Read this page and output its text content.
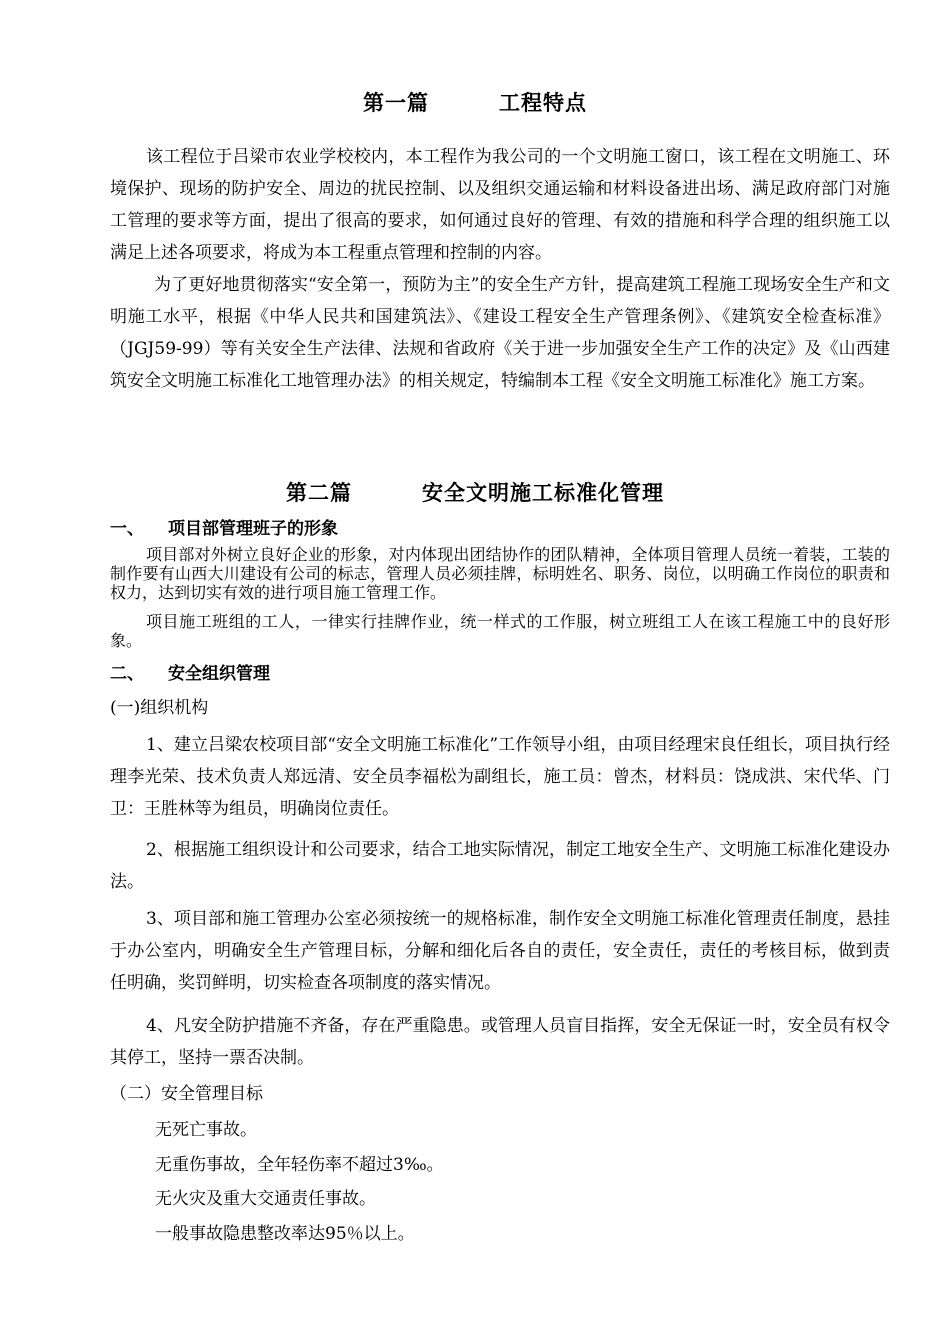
第一篇	工程特点
该工程位于吕梁市农业学校校内，本工程作为我公司的一个文明施工窗口，该工程在文明施工、环境保护、现场的防护安全、周边的扰民控制、以及组织交通运输和材料设备进出场、满足政府部门对施工管理的要求等方面，提出了很高的要求，如何通过良好的管理、有效的措施和科学合理的组织施工以满足上述各项要求，将成为本工程重点管理和控制的内容。
为了更好地贯彻落实“安全第一，预防为主”的安全生产方针，提高建筑工程施工现场安全生产和文明施工水平，根据《中华人民共和国建筑法》、《建设工程安全生产管理条例》、《建筑安全检查标准》（JGJ59-99）等有关安全生产法律、法规和省政府《关于进一步加强安全生产工作的决定》及《山西建筑安全文明施工标准化工地管理办法》的相关规定，特编制本工程《安全文明施工标准化》施工方案。
第二篇	安全文明施工标准化管理
一、 项目部管理班子的形象
项目部对外树立良好企业的形象，对内体现出团结协作的团队精神，全体项目管理人员统一着装，工装的制作要有山西大川建设有公司的标志，管理人员必须挂牌，标明姓名、职务、岗位，以明确工作岗位的职责和权力，达到切实有效的进行项目施工管理工作。
项目施工班组的工人，一律实行挂牌作业，统一样式的工作服，树立班组工人在该工程施工中的良好形象。
二、 安全组织管理
(一)组织机构
1、建立吕梁农校项目部“安全文明施工标准化”工作领导小组，由项目经理宋良任组长，项目执行经理李光荣、技术负责人郑远清、安全员李福松为副组长，施工员：曾杰，材料员：饶成洪、宋代华、门卫：王胜林等为组员，明确岗位责任。
2、根据施工组织设计和公司要求，结合工地实际情况，制定工地安全生产、文明施工标准化建设办法。
3、项目部和施工管理办公室必须按统一的规格标准，制作安全文明施工标准化管理责任制度，悬挂于办公室内，明确安全生产管理目标，分解和细化后各自的责任，安全责任，责任的考核目标，做到责任明确，奖罚鲜明，切实检查各项制度的落实情况。
4、凡安全防护措施不齐备，存在严重隐患。或管理人员盲目指挥，安全无保证一时，安全员有权令其停工，坚持一票否决制。
（二）安全管理目标
无死亡事故。
无重伤事故，全年轻伤率不超过3‰。
无火灾及重大交通责任事故。
一般事故隐患整改率达95％以上。
